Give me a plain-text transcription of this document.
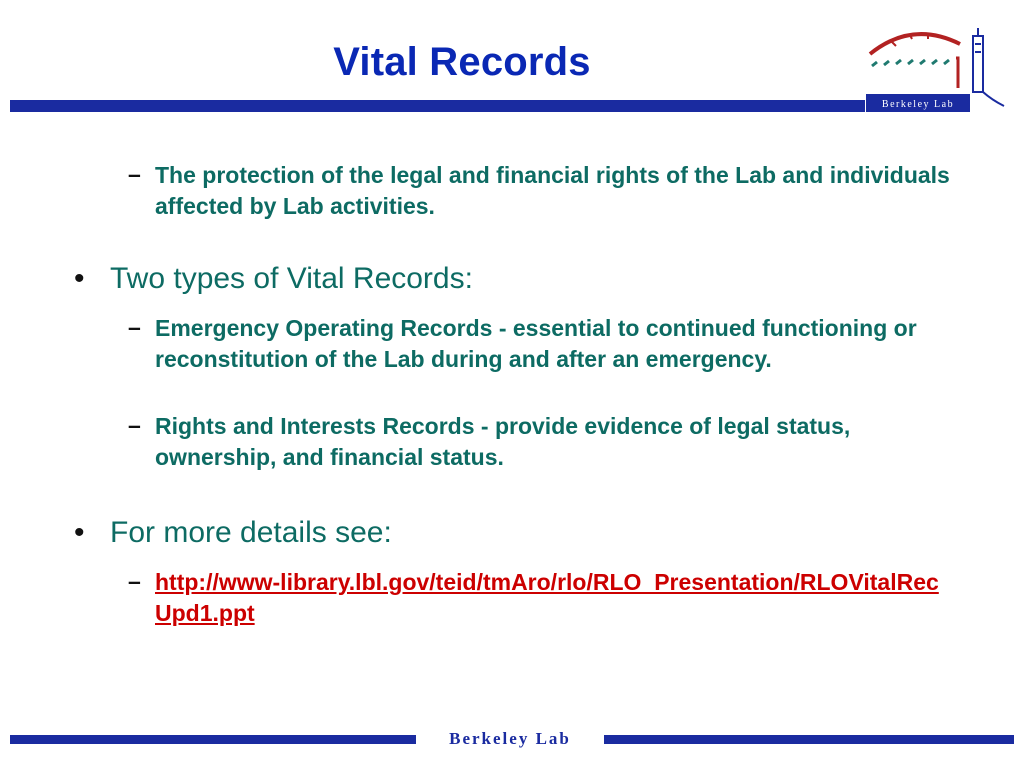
Vital Records
Berkeley Lab
– The protection of the legal and financial rights of the Lab and individuals affected by Lab activities.
• Two types of Vital Records:
– Emergency Operating Records - essential to continued functioning or reconstitution of the Lab during and after an emergency.
– Rights and Interests Records - provide evidence of legal status, ownership, and financial status.
• For more details see:
– http://www-library.lbl.gov/teid/tmAro/rlo/RLO_Presentation/RLOVitalRecUpd1.ppt
Berkeley Lab
